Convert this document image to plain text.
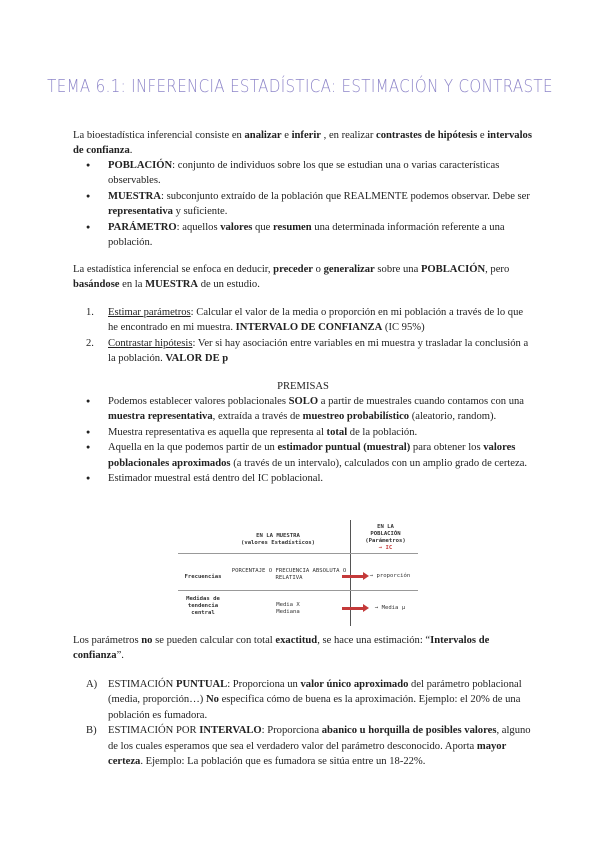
TEMA 6.1: INFERENCIA ESTADÍSTICA: ESTIMACIÓN Y CONTRASTE
La bioestadística inferencial consiste en analizar e inferir , en realizar contrastes de hipótesis e intervalos de confianza.
● POBLACIÓN: conjunto de individuos sobre los que se estudian una o varias características observables.
● MUESTRA: subconjunto extraído de la población que REALMENTE podemos observar. Debe ser representativa y suficiente.
● PARÁMETRO: aquellos valores que resumen una determinada información referente a una población.
La estadística inferencial se enfoca en deducir, preceder o generalizar sobre una POBLACIÓN, pero basándose en la MUESTRA de un estudio.
1. Estimar parámetros: Calcular el valor de la media o proporción en mi población a través de lo que he encontrado en mi muestra. INTERVALO DE CONFIANZA (IC 95%)
2. Contrastar hipótesis: Ver si hay asociación entre variables en mi muestra y trasladar la conclusión a la población. VALOR DE p
PREMISAS
● Podemos establecer valores poblacionales SOLO a partir de muestrales cuando contamos con una muestra representativa, extraída a través de muestreo probabilístico (aleatorio, random).
● Muestra representativa es aquella que representa al total de la población.
● Aquella en la que podemos partir de un estimador puntual (muestral) para obtener los valores poblacionales aproximados (a través de un intervalo), calculados con un amplio grado de certeza.
● Estimador muestral está dentro del IC poblacional.
EN LA MUESTRA
(valores Estadísticos)
EN LA
POBLACIÓN
(Parámetros)
→ IC
Frecuencias
PORCENTAJE O FRECUENCIA ABSOLUTA O RELATIVA	→ proporción
Medidas de
tendencia
central
Media X
Mediana
→ Media μ
Los parámetros no se pueden calcular con total exactitud, se hace una estimación: “Intervalos de confianza”.
A) ESTIMACIÓN PUNTUAL: Proporciona un valor único aproximado del parámetro poblacional (media, proporción…) No especifica cómo de buena es la aproximación. Ejemplo: el 20% de una población es fumadora.
B) ESTIMACIÓN POR INTERVALO: Proporciona abanico u horquilla de posibles valores, alguno de los cuales esperamos que sea el verdadero valor del parámetro desconocido. Aporta mayor certeza. Ejemplo: La población que es fumadora se sitúa entre un 18-22%.
